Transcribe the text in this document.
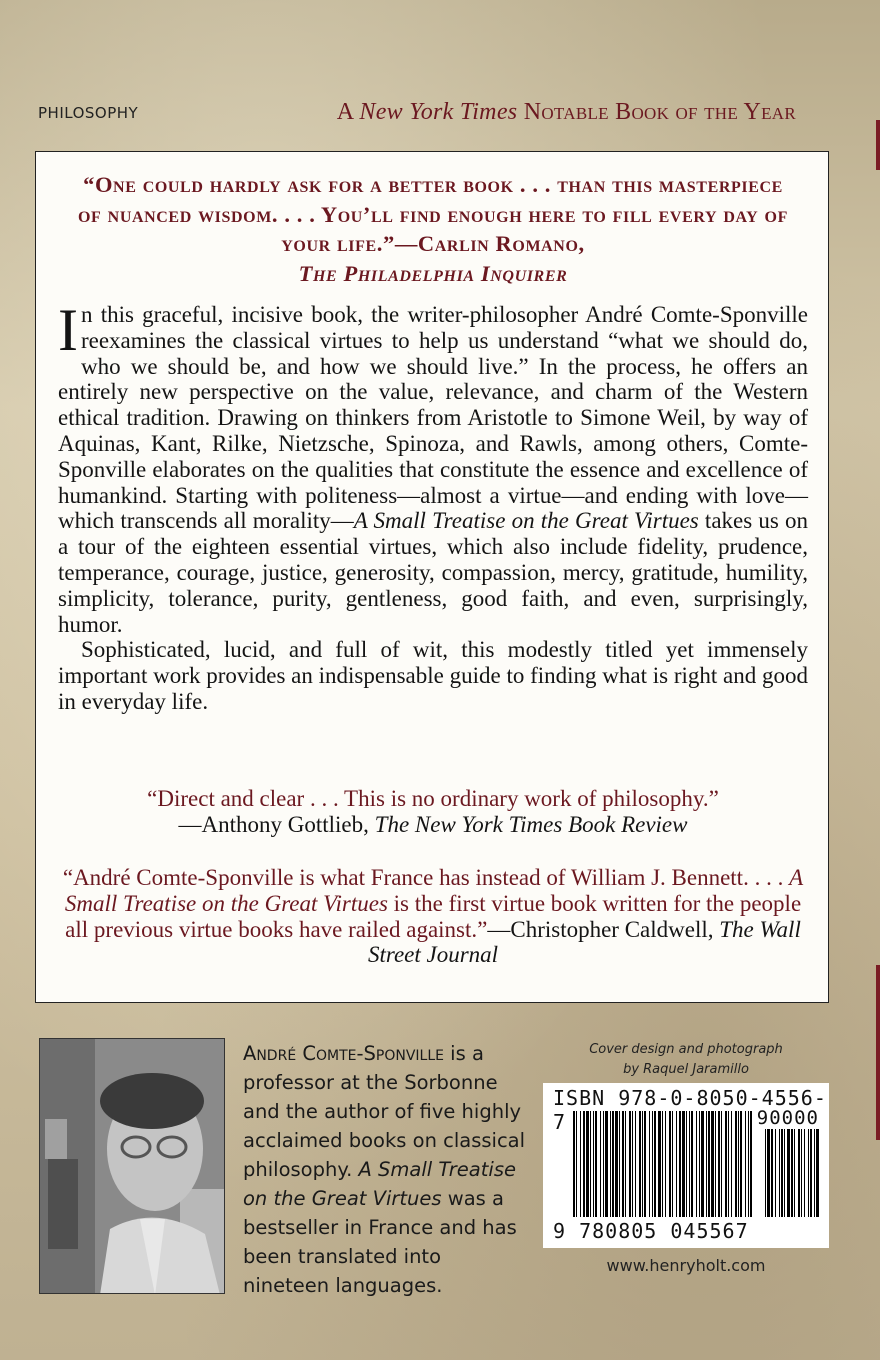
PHILOSOPHY	A New York Times Notable Book of the Year
“One could hardly ask for a better book . . . than this masterpiece of nuanced wisdom. . . . You’ll find enough here to fill every day of your life.”—Carlin Romano,
The Philadelphia Inquirer

In this graceful, incisive book, the writer-philosopher André Comte-Sponville reexamines the classical virtues to help us understand “what we should do, who we should be, and how we should live.” In the process, he offers an entirely new perspective on the value, relevance, and charm of the Western ethical tradition. Drawing on thinkers from Aristotle to Simone Weil, by way of Aquinas, Kant, Rilke, Nietzsche, Spinoza, and Rawls, among others, Comte-Sponville elaborates on the qualities that constitute the essence and excellence of humankind. Starting with politeness—almost a virtue—and ending with love—which transcends all morality—A Small Treatise on the Great Virtues takes us on a tour of the eighteen essential virtues, which also include fidelity, prudence, temperance, courage, justice, generosity, compassion, mercy, gratitude, humility, simplicity, tolerance, purity, gentleness, good faith, and even, surprisingly, humor.

Sophisticated, lucid, and full of wit, this modestly titled yet immensely important work provides an indispensable guide to finding what is right and good in everyday life.

“Direct and clear . . . This is no ordinary work of philosophy.”
—Anthony Gottlieb, The New York Times Book Review
“André Comte-Sponville is what France has instead of William J. Bennett. . . . A Small Treatise on the Great Virtues is the first virtue book written for the people all previous virtue books have railed against.”—Christopher Caldwell, The Wall Street Journal
André Comte-Sponville is a professor at the Sorbonne and the author of five highly acclaimed books on classical philosophy. A Small Treatise on the Great Virtues was a bestseller in France and has been translated into nineteen languages.
Cover design and photograph
by Raquel Jaramillo
ISBN 978-0-8050-4556-7	90000
9 780805 045567
www.henryholt.com
